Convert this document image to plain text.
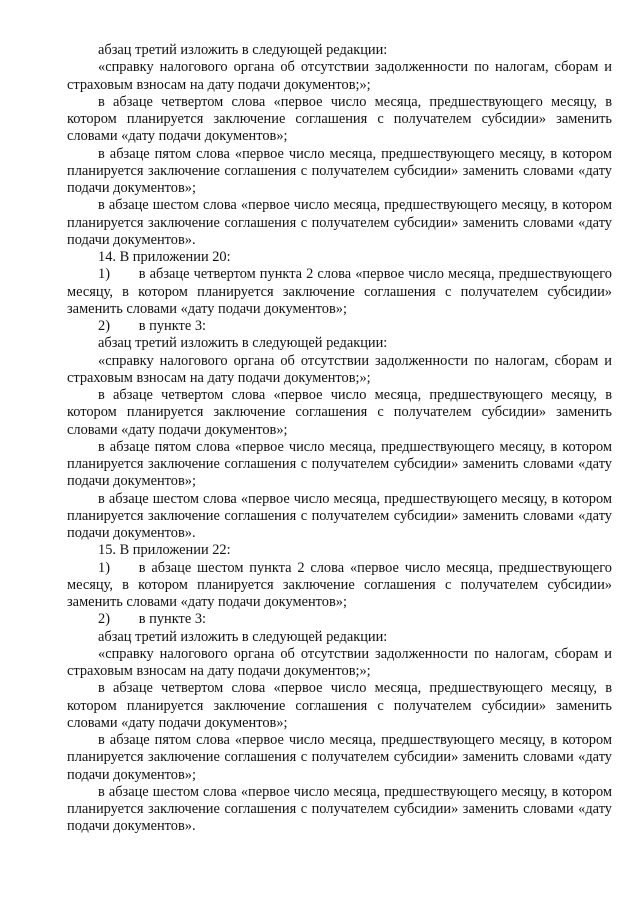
абзац третий изложить в следующей редакции:

«справку налогового органа об отсутствии задолженности по налогам, сборам и страховым взносам на дату подачи документов;»;

в абзаце четвертом слова «первое число месяца, предшествующего месяцу, в котором планируется заключение соглашения с получателем субсидии» заменить словами «дату подачи документов»;

в абзаце пятом слова «первое число месяца, предшествующего месяцу, в котором планируется заключение соглашения с получателем субсидии» заменить словами «дату подачи документов»;

в абзаце шестом слова «первое число месяца, предшествующего месяцу, в котором планируется заключение соглашения с получателем субсидии» заменить словами «дату подачи документов».

14. В приложении 20:

1)  в абзаце четвертом пункта 2 слова «первое число месяца, предшествующего месяцу, в котором планируется заключение соглашения с получателем субсидии» заменить словами «дату подачи документов»;

2)  в пункте 3:

абзац третий изложить в следующей редакции:

«справку налогового органа об отсутствии задолженности по налогам, сборам и страховым взносам на дату подачи документов;»;

в абзаце четвертом слова «первое число месяца, предшествующего месяцу, в котором планируется заключение соглашения с получателем субсидии» заменить словами «дату подачи документов»;

в абзаце пятом слова «первое число месяца, предшествующего месяцу, в котором планируется заключение соглашения с получателем субсидии» заменить словами «дату подачи документов»;

в абзаце шестом слова «первое число месяца, предшествующего месяцу, в котором планируется заключение соглашения с получателем субсидии» заменить словами «дату подачи документов».

15. В приложении 22:

1)  в абзаце шестом пункта 2 слова «первое число месяца, предшествующего месяцу, в котором планируется заключение соглашения с получателем субсидии» заменить словами «дату подачи документов»;

2)  в пункте 3:

абзац третий изложить в следующей редакции:

«справку налогового органа об отсутствии задолженности по налогам, сборам и страховым взносам на дату подачи документов;»;

в абзаце четвертом слова «первое число месяца, предшествующего месяцу, в котором планируется заключение соглашения с получателем субсидии» заменить словами «дату подачи документов»;

в абзаце пятом слова «первое число месяца, предшествующего месяцу, в котором планируется заключение соглашения с получателем субсидии» заменить словами «дату подачи документов»;

в абзаце шестом слова «первое число месяца, предшествующего месяцу, в котором планируется заключение соглашения с получателем субсидии» заменить словами «дату подачи документов».
